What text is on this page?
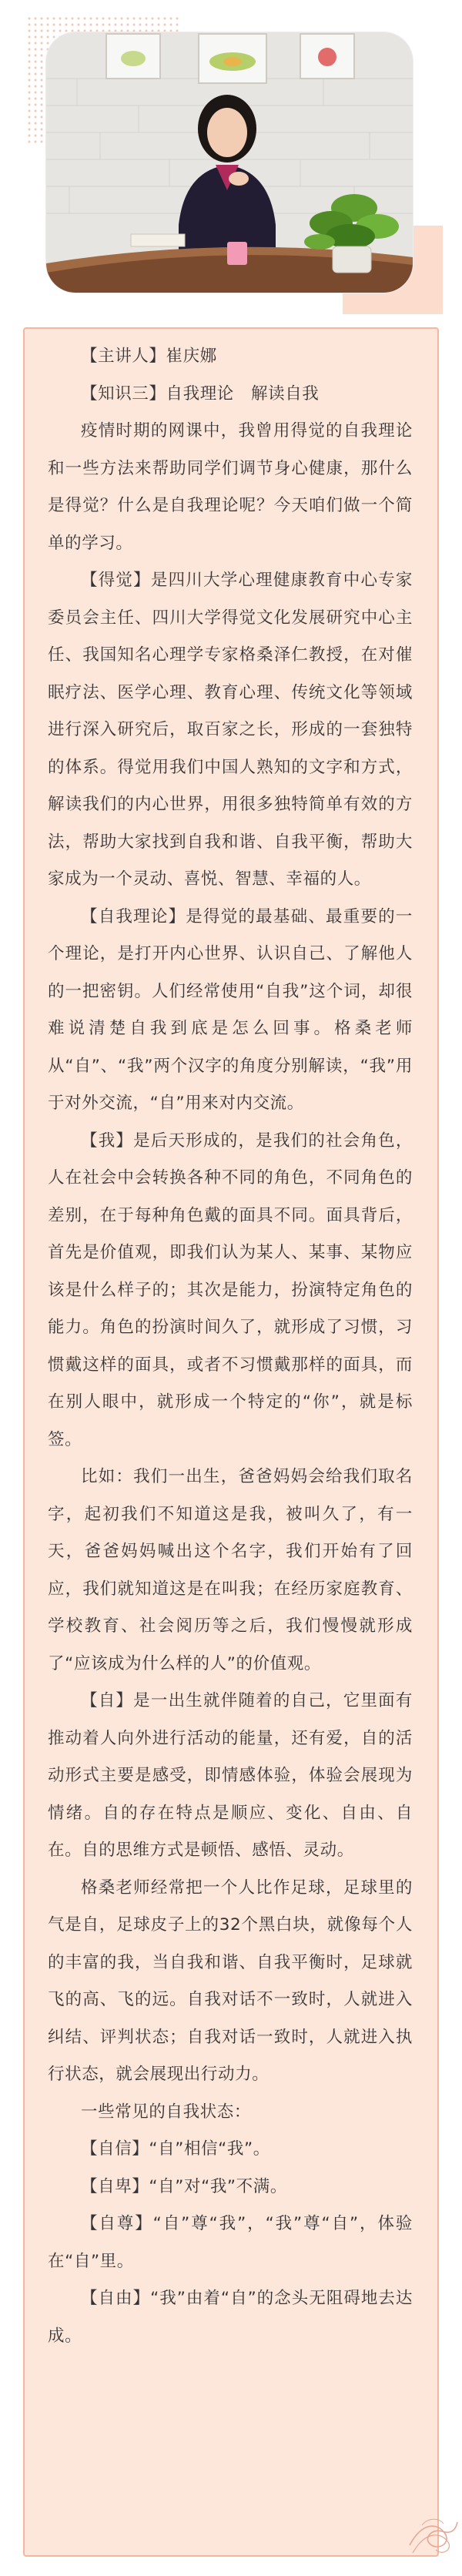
【主讲人】崔庆娜

【知识三】自我理论　解读自我

疫情时期的网课中，我曾用得觉的自我理论和一些方法来帮助同学们调节身心健康，那什么是得觉？什么是自我理论呢？今天咱们做一个简单的学习。

【得觉】是四川大学心理健康教育中心专家委员会主任、四川大学得觉文化发展研究中心主任、我国知名心理学专家格桑泽仁教授，在对催眠疗法、医学心理、教育心理、传统文化等领域进行深入研究后，取百家之长，形成的一套独特的体系。得觉用我们中国人熟知的文字和方式，解读我们的内心世界，用很多独特简单有效的方法，帮助大家找到自我和谐、自我平衡，帮助大家成为一个灵动、喜悦、智慧、幸福的人。

【自我理论】是得觉的最基础、最重要的一个理论，是打开内心世界、认识自己、了解他人的一把密钥。人们经常使用“自我”这个词，却很难说清楚自我到底是怎么回事。格桑老师从“自”、“我”两个汉字的角度分别解读，“我”用于对外交流，“自”用来对内交流。

【我】是后天形成的，是我们的社会角色，人在社会中会转换各种不同的角色，不同角色的差别，在于每种角色戴的面具不同。面具背后，首先是价值观，即我们认为某人、某事、某物应该是什么样子的；其次是能力，扮演特定角色的能力。角色的扮演时间久了，就形成了习惯，习惯戴这样的面具，或者不习惯戴那样的面具，而在别人眼中，就形成一个特定的“你”，就是标签。

比如：我们一出生，爸爸妈妈会给我们取名字，起初我们不知道这是我，被叫久了，有一天，爸爸妈妈喊出这个名字，我们开始有了回应，我们就知道这是在叫我；在经历家庭教育、学校教育、社会阅历等之后，我们慢慢就形成了“应该成为什么样的人”的价值观。

【自】是一出生就伴随着的自己，它里面有推动着人向外进行活动的能量，还有爱，自的活动形式主要是感受，即情感体验，体验会展现为情绪。自的存在特点是顺应、变化、自由、自在。自的思维方式是顿悟、感悟、灵动。

格桑老师经常把一个人比作足球，足球里的气是自，足球皮子上的32个黑白块，就像每个人的丰富的我，当自我和谐、自我平衡时，足球就飞的高、飞的远。自我对话不一致时，人就进入纠结、评判状态；自我对话一致时，人就进入执行状态，就会展现出行动力。

一些常见的自我状态：

【自信】“自”相信“我”。

【自卑】“自”对“我”不满。

【自尊】“自”尊“我”，“我”尊“自”，体验在“自”里。

【自由】“我”由着“自”的念头无阻碍地去达成。
